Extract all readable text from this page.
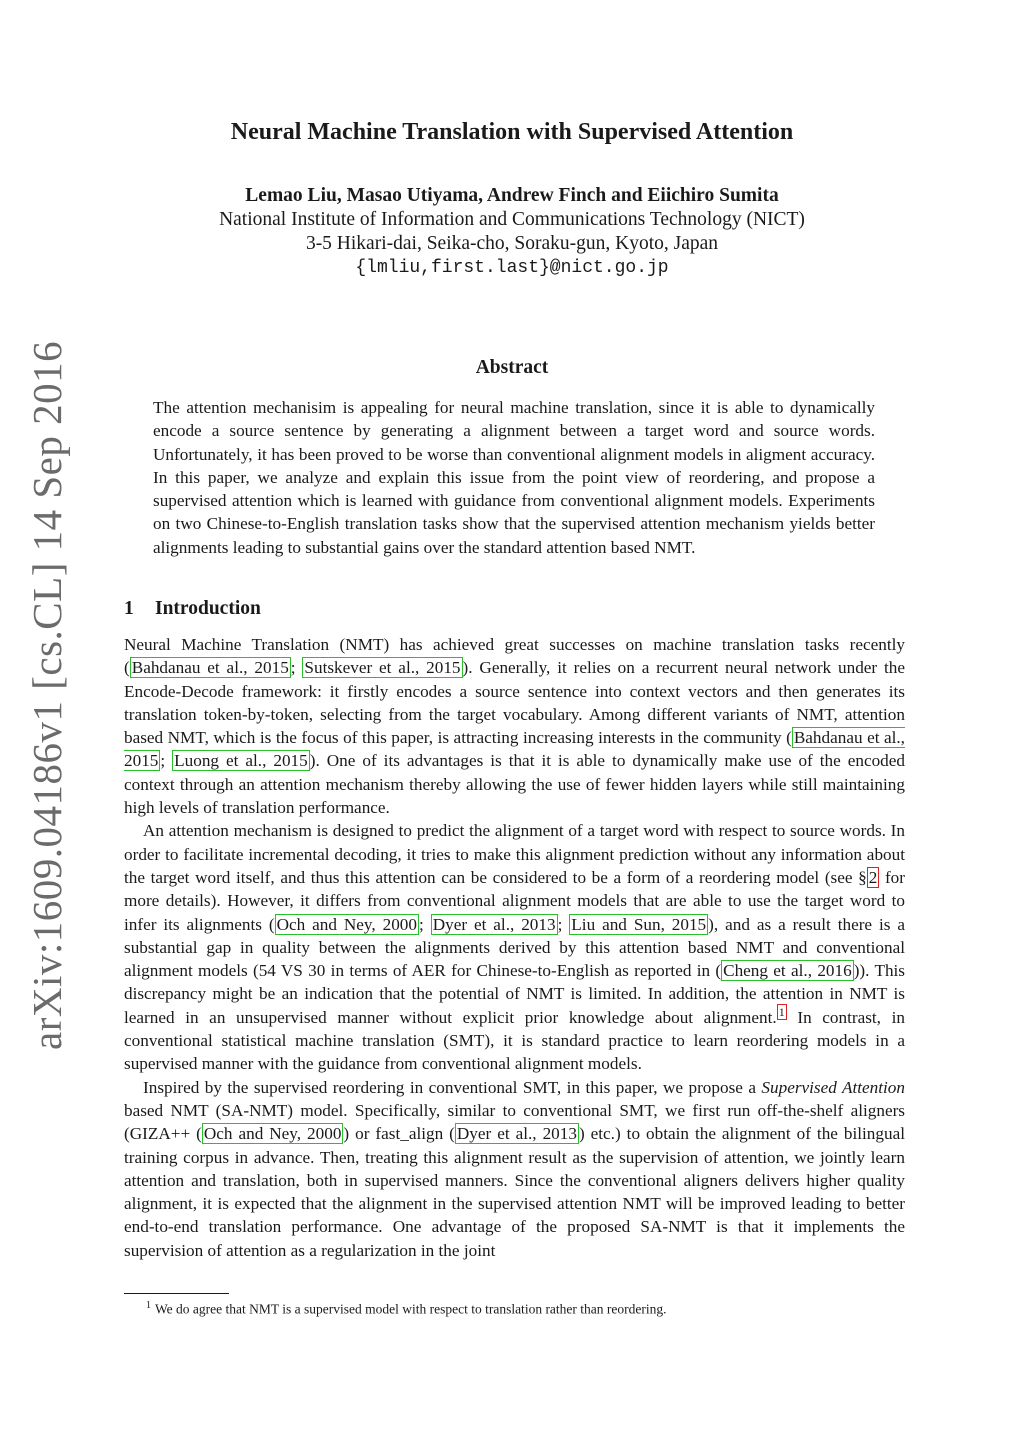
arXiv:1609.04186v1 [cs.CL] 14 Sep 2016
Neural Machine Translation with Supervised Attention
Lemao Liu, Masao Utiyama, Andrew Finch and Eiichiro Sumita
National Institute of Information and Communications Technology (NICT)
3-5 Hikari-dai, Seika-cho, Soraku-gun, Kyoto, Japan
{lmliu,first.last}@nict.go.jp
Abstract
The attention mechanisim is appealing for neural machine translation, since it is able to dynamically encode a source sentence by generating a alignment between a target word and source words. Unfortunately, it has been proved to be worse than conventional alignment models in aligment accuracy. In this paper, we analyze and explain this issue from the point view of reordering, and propose a supervised attention which is learned with guidance from conventional alignment models. Experiments on two Chinese-to-English translation tasks show that the supervised attention mechanism yields better alignments leading to substantial gains over the standard attention based NMT.
1 Introduction

Neural Machine Translation (NMT) has achieved great successes on machine translation tasks recently ( Bahdanau et al., 2015 ; Sutskever et al., 2015 ). Generally, it relies on a recurrent neural network under the Encode-Decode framework: it firstly encodes a source sentence into context vectors and then generates its translation token-by-token, selecting from the target vocabulary. Among different variants of NMT, attention based NMT, which is the focus of this paper, is attracting increasing interests in the community ( Bahdanau et al., 2015 ; Luong et al., 2015 ). One of its advantages is that it is able to dynamically make use of the encoded context through an attention mechanism thereby allowing the use of fewer hidden layers while still maintaining high levels of translation performance.

An attention mechanism is designed to predict the alignment of a target word with respect to source words. In order to facilitate incremental decoding, it tries to make this alignment prediction without any information about the target word itself, and thus this attention can be considered to be a form of a reordering model (see § 2 for more details). However, it differs from conventional alignment models that are able to use the target word to infer its alignments ( Och and Ney, 2000 ; Dyer et al., 2013 ; Liu and Sun, 2015 ), and as a result there is a substantial gap in quality between the alignments derived by this attention based NMT and conventional alignment models (54 VS 30 in terms of AER for Chinese-to-English as reported in ( Cheng et al., 2016 )). This discrepancy might be an indication that the potential of NMT is limited. In addition, the attention in NMT is learned in an unsupervised manner without explicit prior knowledge about alignment. $^1$ In contrast, in conventional statistical machine translation (SMT), it is standard practice to learn reordering models in a supervised manner with the guidance from conventional alignment models.

Inspired by the supervised reordering in conventional SMT, in this paper, we propose a Supervised Attention based NMT (SA-NMT) model. Specifically, similar to conventional SMT, we first run off-the-shelf aligners (GIZA++ ( Och and Ney, 2000 ) or fast_align ( Dyer et al., 2013 ) etc.) to obtain the alignment of the bilingual training corpus in advance. Then, treating this alignment result as the supervision of attention, we jointly learn attention and translation, both in supervised manners. Since the conventional aligners delivers higher quality alignment, it is expected that the alignment in the supervised attention NMT will be improved leading to better end-to-end translation performance. One advantage of the proposed SA-NMT is that it implements the supervision of attention as a regularization in the joint

$^1$ We do agree that NMT is a supervised model with respect to translation rather than reordering.
